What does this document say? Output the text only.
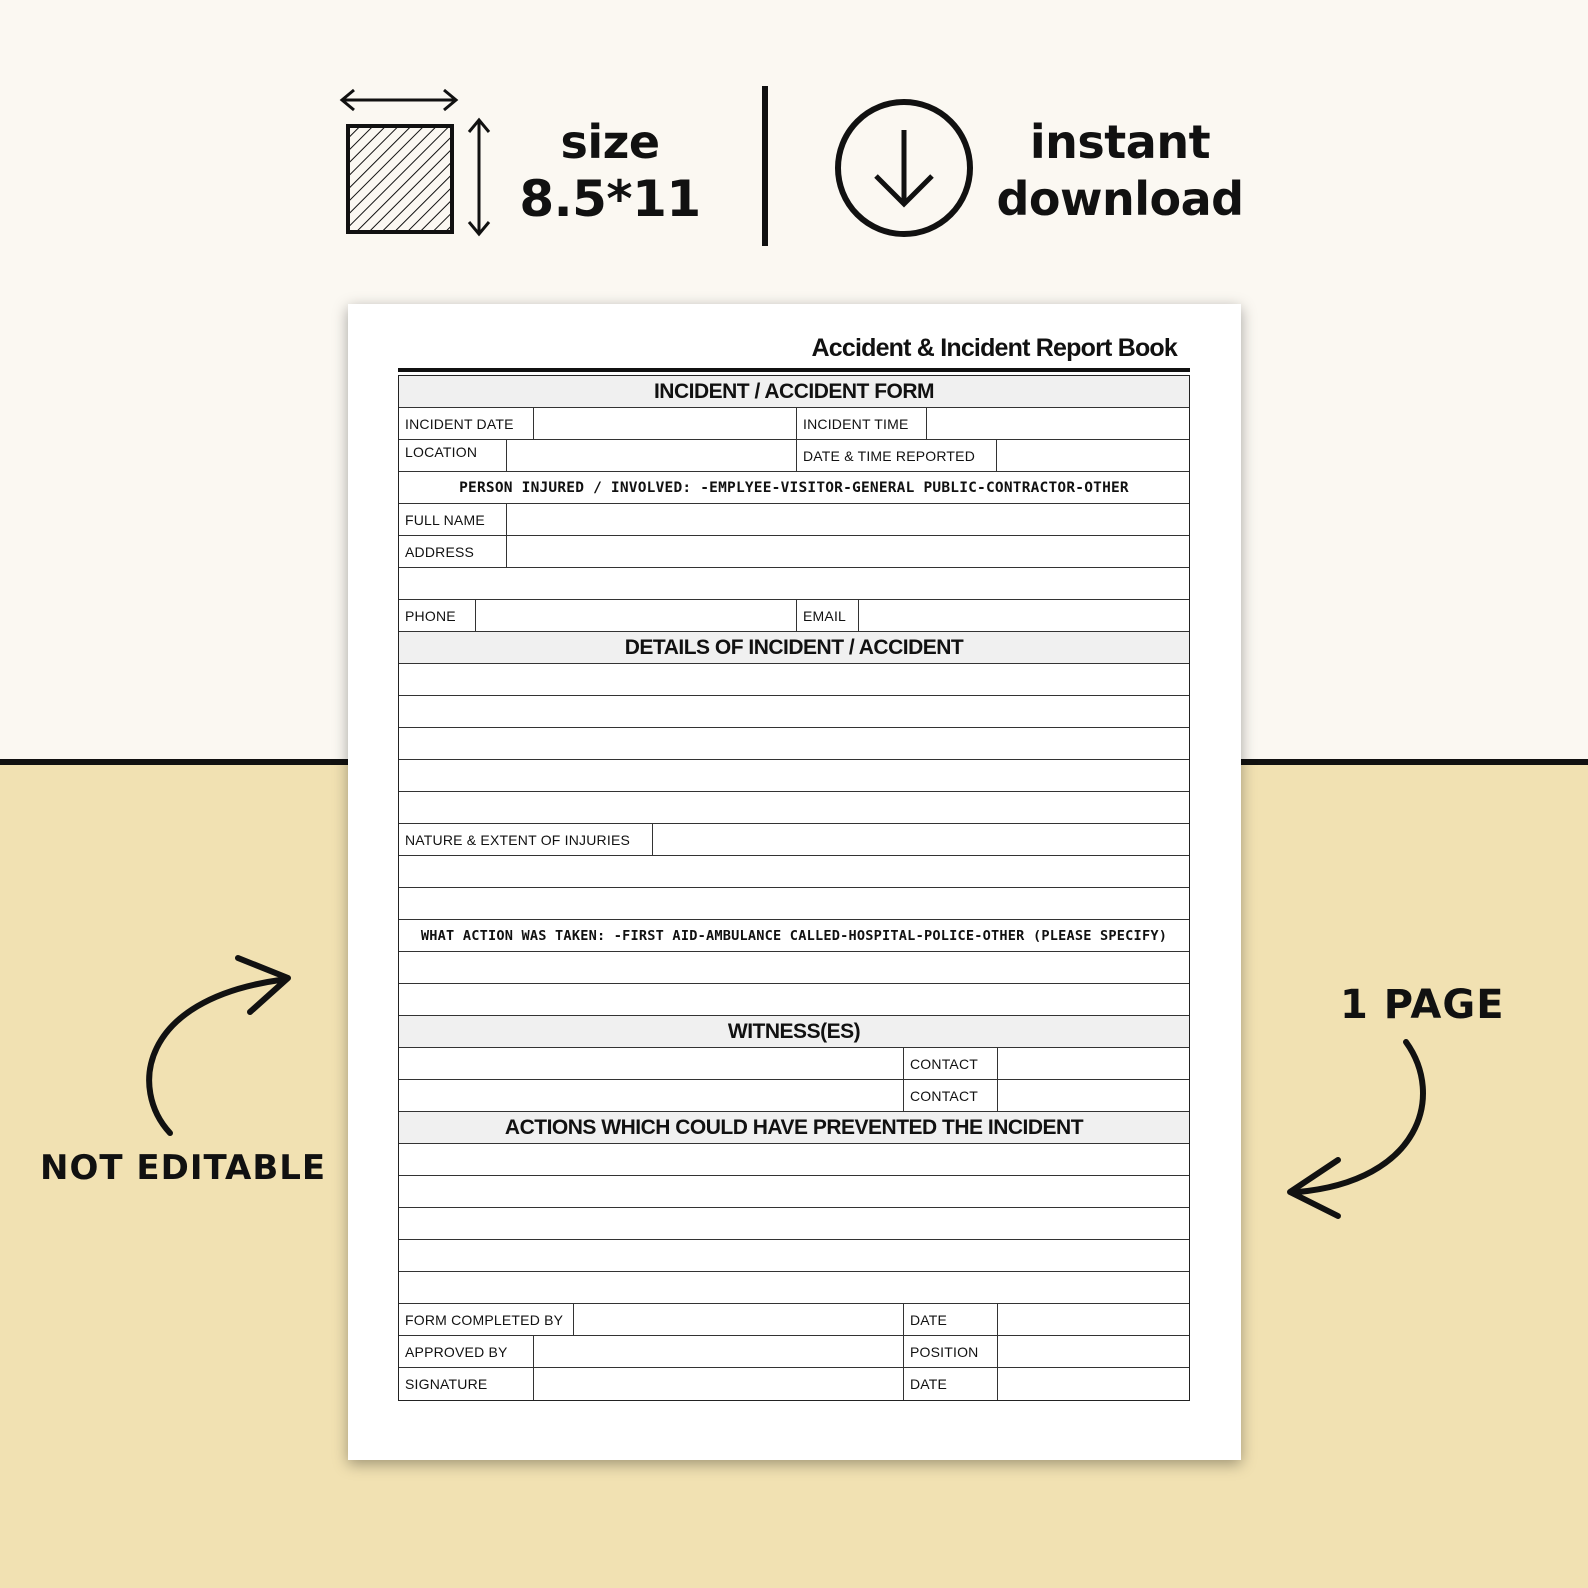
size
8.5*11
instant
download
NOT EDITABLE
1 PAGE
Accident & Incident Report Book
INCIDENT / ACCIDENT FORM
INCIDENT DATE	INCIDENT TIME
LOCATION	DATE & TIME REPORTED
PERSON INJURED / INVOLVED: -EMPLYEE-VISITOR-GENERAL PUBLIC-CONTRACTOR-OTHER
FULL NAME
ADDRESS
PHONE	EMAIL
DETAILS OF INCIDENT / ACCIDENT
NATURE & EXTENT OF INJURIES
WHAT ACTION WAS TAKEN: -FIRST AID-AMBULANCE CALLED-HOSPITAL-POLICE-OTHER (PLEASE SPECIFY)
WITNESS(ES)
CONTACT
CONTACT
ACTIONS WHICH COULD HAVE PREVENTED THE INCIDENT
FORM COMPLETED BY	DATE
APPROVED BY	POSITION
SIGNATURE	DATE
